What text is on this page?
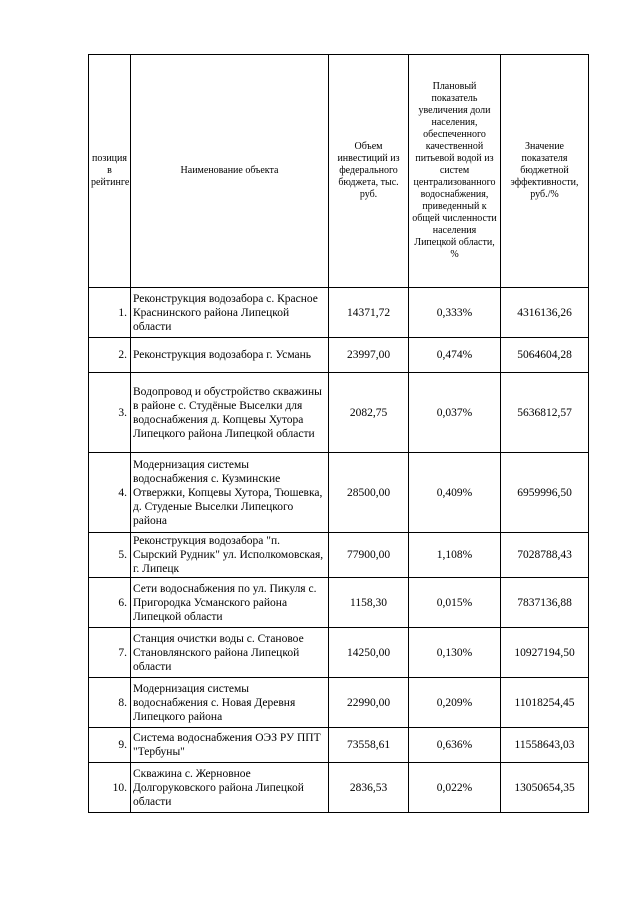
позиция в рейтинге	Наименование объекта	Объем инвестиций из федерального бюджета, тыс. руб.	Плановый показатель увеличения доли населения, обеспеченного качественной питьевой водой из систем централизованного водоснабжения, приведенный к общей численности населения Липецкой области, %	Значение показателя бюджетной эффективности, руб./%
1.	Реконструкция водозабора с. Красное Краснинского района Липецкой области	14371,72	0,333%	4316136,26
2.	Реконструкция водозабора г. Усмань	23997,00	0,474%	5064604,28
3.	Водопровод и обустройство скважины в районе с. Студёные Выселки для водоснабжения д. Копцевы Хутора Липецкого района Липецкой области	2082,75	0,037%	5636812,57
4.	Модернизация системы водоснабжения с. Кузминские Отвержки, Копцевы Хутора, Тюшевка, д. Студеные Выселки Липецкого района	28500,00	0,409%	6959996,50
5.	Реконструкция водозабора "п. Сырский Рудник" ул. Исполкомовская, г. Липецк	77900,00	1,108%	7028788,43
6.	Сети водоснабжения по ул. Пикуля с. Пригородка Усманского района Липецкой области	1158,30	0,015%	7837136,88
7.	Станция очистки воды с. Становое Становлянского района Липецкой области	14250,00	0,130%	10927194,50
8.	Модернизация системы водоснабжения с. Новая Деревня Липецкого района	22990,00	0,209%	11018254,45
9.	Система водоснабжения ОЭЗ РУ ППТ "Тербуны"	73558,61	0,636%	11558643,03
10.	Скважина с. Жерновное Долгоруковского района Липецкой области	2836,53	0,022%	13050654,35
